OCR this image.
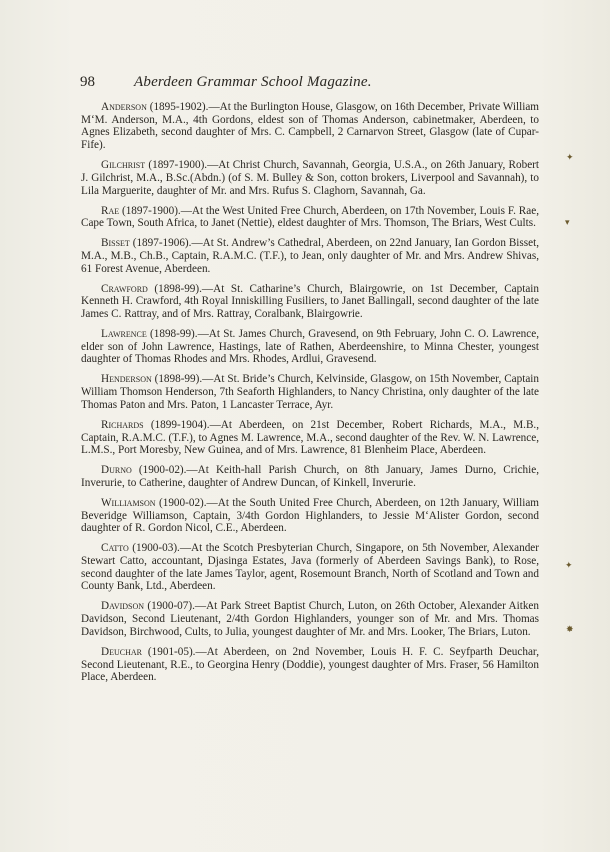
98	Aberdeen Grammar School Magazine.

Anderson (1895-1902).—At the Burlington House, Glasgow, on 16th December, Private William M‘M. Anderson, M.A., 4th Gordons, eldest son of Thomas Anderson, cabinetmaker, Aberdeen, to Agnes Elizabeth, second daughter of Mrs. C. Campbell, 2 Carnarvon Street, Glasgow (late of Cupar-Fife).

Gilchrist (1897-1900).—At Christ Church, Savannah, Georgia, U.S.A., on 26th January, Robert J. Gilchrist, M.A., B.Sc.(Abdn.) (of S. M. Bulley & Son, cotton brokers, Liverpool and Savannah), to Lila Marguerite, daughter of Mr. and Mrs. Rufus S. Claghorn, Savannah, Ga.

Rae (1897-1900).—At the West United Free Church, Aberdeen, on 17th November, Louis F. Rae, Cape Town, South Africa, to Janet (Nettie), eldest daughter of Mrs. Thomson, The Briars, West Cults.

Bisset (1897-1906).—At St. Andrew’s Cathedral, Aberdeen, on 22nd January, Ian Gordon Bisset, M.A., M.B., Ch.B., Captain, R.A.M.C. (T.F.), to Jean, only daughter of Mr. and Mrs. Andrew Shivas, 61 Forest Avenue, Aberdeen.

Crawford (1898-99).—At St. Catharine’s Church, Blairgowrie, on 1st December, Captain Kenneth H. Crawford, 4th Royal Inniskilling Fusiliers, to Janet Ballingall, second daughter of the late James C. Rattray, and of Mrs. Rattray, Coralbank, Blairgowrie.

Lawrence (1898-99).—At St. James Church, Gravesend, on 9th February, John C. O. Lawrence, elder son of John Lawrence, Hastings, late of Rathen, Aberdeenshire, to Minna Chester, youngest daughter of Thomas Rhodes and Mrs. Rhodes, Ardlui, Gravesend.

Henderson (1898-99).—At St. Bride’s Church, Kelvinside, Glasgow, on 15th November, Captain William Thomson Henderson, 7th Seaforth Highlanders, to Nancy Christina, only daughter of the late Thomas Paton and Mrs. Paton, 1 Lancaster Terrace, Ayr.

Richards (1899-1904).—At Aberdeen, on 21st December, Robert Richards, M.A., M.B., Captain, R.A.M.C. (T.F.), to Agnes M. Lawrence, M.A., second daughter of the Rev. W. N. Lawrence, L.M.S., Port Moresby, New Guinea, and of Mrs. Lawrence, 81 Blenheim Place, Aberdeen.

Durno (1900-02).—At Keith-hall Parish Church, on 8th January, James Durno, Crichie, Inverurie, to Catherine, daughter of Andrew Duncan, of Kinkell, Inverurie.

Williamson (1900-02).—At the South United Free Church, Aberdeen, on 12th January, William Beveridge Williamson, Captain, 3/4th Gordon Highlanders, to Jessie M‘Alister Gordon, second daughter of R. Gordon Nicol, C.E., Aberdeen.

Catto (1900-03).—At the Scotch Presbyterian Church, Singapore, on 5th November, Alexander Stewart Catto, accountant, Djasinga Estates, Java (formerly of Aberdeen Savings Bank), to Rose, second daughter of the late James Taylor, agent, Rosemount Branch, North of Scotland and Town and County Bank, Ltd., Aberdeen.

Davidson (1900-07).—At Park Street Baptist Church, Luton, on 26th October, Alexander Aitken Davidson, Second Lieutenant, 2/4th Gordon Highlanders, younger son of Mr. and Mrs. Thomas Davidson, Birchwood, Cults, to Julia, youngest daughter of Mr. and Mrs. Looker, The Briars, Luton.

Deuchar (1901-05).—At Aberdeen, on 2nd November, Louis H. F. C. Seyfparth Deuchar, Second Lieutenant, R.E., to Georgina Henry (Doddie), youngest daughter of Mrs. Fraser, 56 Hamilton Place, Aberdeen.

✦
▾
✦
✸
